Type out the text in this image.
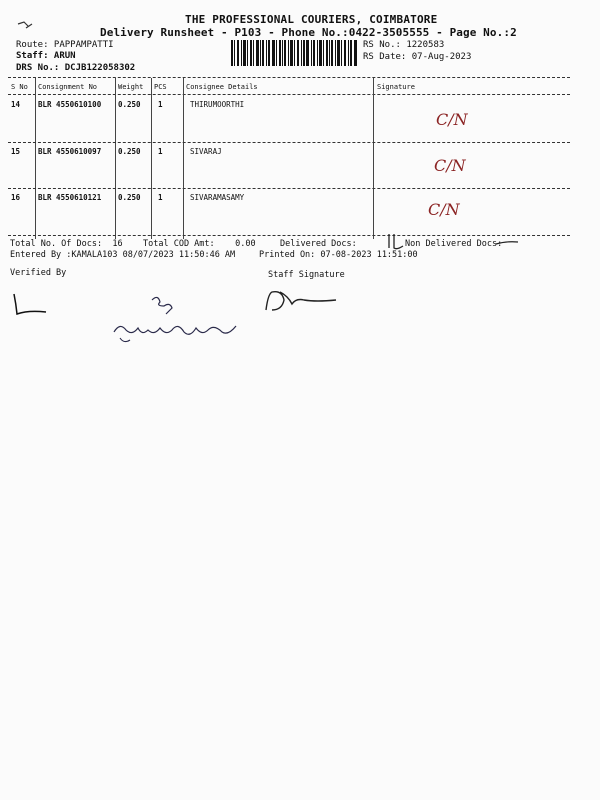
THE PROFESSIONAL COURIERS, COIMBATORE
Delivery Runsheet - P103 - Phone No.:0422-3505555 - Page No.:2
Route: PAPPAMPATTI
Staff: ARUN
DRS No.: DCJB122058302
RS No.: 1220583
RS Date: 07-Aug-2023
S No Consignment No	Weight PCS	Consignee Details	Signature
14 BLR 4550610100 0.250 1	THIRUMOORTHI
C/N
15 BLR 4550610097 0.250 1	SIVARAJ
C/N
16 BLR 4550610121 0.250 1	SIVARAMASAMY
C/N
Total No. Of Docs:  16 Total COD Amt:    0.00	Delivered Docs:	Non Delivered Docs:
Entered By :KAMALA103 08/07/2023 11:50:46 AM	Printed On: 07-08-2023 11:51:00
Verified By	Staff Signature
